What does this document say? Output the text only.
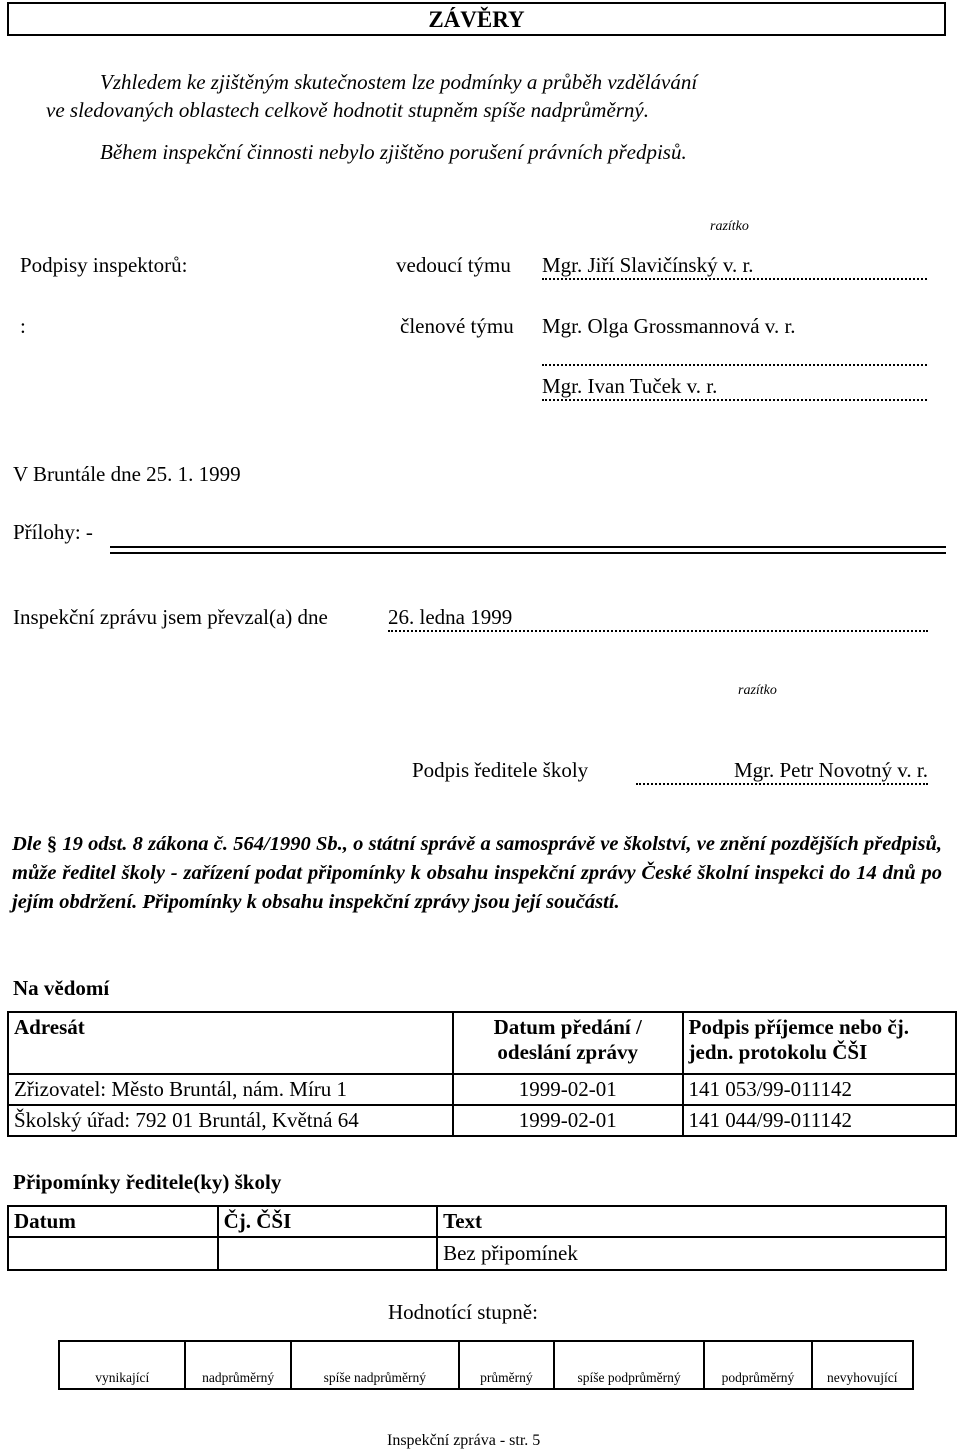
ZÁVĚRY
Vzhledem ke zjištěným skutečnostem lze podmínky a průběh vzdělávání
ve sledovaných oblastech celkově hodnotit stupněm spíše nadprůměrný.
Během inspekční činnosti nebylo zjištěno porušení právních předpisů.
razítko
Podpisy inspektorů:	vedoucí týmu Mgr. Jiří Slavičínský v. r.
:	členové týmu Mgr. Olga Grossmannová v. r.
Mgr. Ivan Tuček v. r.
V Bruntále dne 25. 1. 1999
Přílohy: -
Inspekční zprávu jsem převzal(a) dne	26. ledna 1999
razítko
Podpis ředitele školy	Mgr. Petr Novotný v. r.
Dle § 19 odst. 8 zákona č. 564/1990 Sb., o státní správě a samosprávě ve školství, ve znění pozdějších předpisů, může ředitel školy - zařízení podat připomínky k obsahu inspekční zprávy České školní inspekci do 14 dnů po jejím obdržení. Připomínky k obsahu inspekční zprávy jsou její součástí.
Na vědomí
Adresát	Datum předání / odeslání zprávy	Podpis příjemce nebo čj. jedn. protokolu ČŠI
Zřizovatel: Město Bruntál, nám. Míru 1	1999-02-01	141 053/99-011142
Školský úřad: 792 01 Bruntál, Květná 64	1999-02-01	141 044/99-011142
Připomínky ředitele(ky) školy
Datum	Čj. ČŠI	Text
		Bez připomínek
Hodnotící stupně:
vynikající	nadprůměrný	spíše nadprůměrný	průměrný	spíše podprůměrný	podprůměrný	nevyhovující
Inspekční zpráva - str. 5
